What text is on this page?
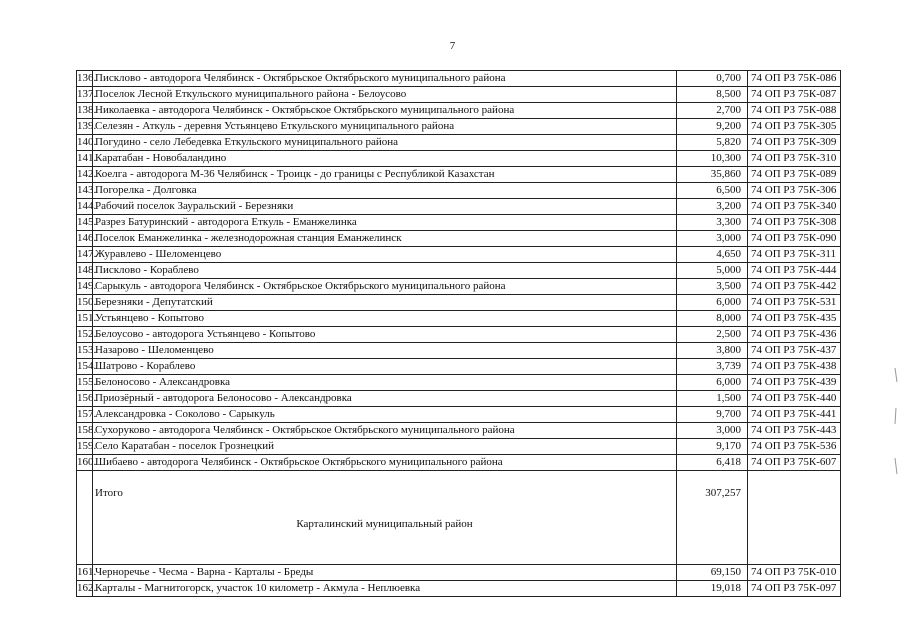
7
136.	Пискловo - автодорога Челябинск - Октябрьское Октябрьского муниципального района	0,700	74 ОП РЗ 75К-086
137.	Поселок Лесной Еткульского муниципального района - Белоусово	8,500	74 ОП РЗ 75К-087
138.	Николаевка - автодорога Челябинск - Октябрьское Октябрьского муниципального района	2,700	74 ОП РЗ 75К-088
139.	Селезян - Аткуль - деревня Устьянцево Еткульского муниципального района	9,200	74 ОП РЗ 75К-305
140.	Погудино - село Лебедевка Еткульского муниципального района	5,820	74 ОП РЗ 75К-309
141.	Каратабан - Новобаландино	10,300	74 ОП РЗ 75К-310
142.	Коелга - автодорога М-36 Челябинск - Троицк - до границы с Республикой Казахстан	35,860	74 ОП РЗ 75К-089
143.	Погорелка - Долговка	6,500	74 ОП РЗ 75К-306
144.	Рабочий поселок Зауральский - Березняки	3,200	74 ОП РЗ 75К-340
145.	Разрез Батуринский - автодорога Еткуль - Еманжелинка	3,300	74 ОП РЗ 75К-308
146.	Поселок Еманжелинка - железнодорожная станция Еманжелинск	3,000	74 ОП РЗ 75К-090
147.	Журавлево - Шеломенцево	4,650	74 ОП РЗ 75К-311
148.	Пискловo - Кораблево	5,000	74 ОП РЗ 75К-444
149.	Сарыкуль - автодорога Челябинск - Октябрьское Октябрьского муниципального района	3,500	74 ОП РЗ 75К-442
150.	Березняки - Депутатский	6,000	74 ОП РЗ 75К-531
151.	Устьянцево - Копытово	8,000	74 ОП РЗ 75К-435
152.	Белоусово - автодорога Устьянцево - Копытово	2,500	74 ОП РЗ 75К-436
153.	Назарово - Шеломенцево	3,800	74 ОП РЗ 75К-437
154.	Шатрово - Кораблево	3,739	74 ОП РЗ 75К-438
155.	Белоносово - Александровка	6,000	74 ОП РЗ 75К-439
156.	Приозёрный - автодорога Белоносово - Александровка	1,500	74 ОП РЗ 75К-440
157.	Александровка - Соколово - Сарыкуль	9,700	74 ОП РЗ 75К-441
158.	Сухоруково - автодорога Челябинск - Октябрьское Октябрьского муниципального района	3,000	74 ОП РЗ 75К-443
159.	Село Каратабан - поселок Грознецкий	9,170	74 ОП РЗ 75К-536
160.	Шибаево - автодорога Челябинск - Октябрьское Октябрьского муниципального района	6,418	74 ОП РЗ 75К-607
	Итого	307,257	
	Карталинский муниципальный район		

161.	Черноречье - Чесма - Варна - Карталы - Бреды	69,150	74 ОП РЗ 75К-010
162.	Карталы - Магнитогорск, участок 10 километр - Акмула - Неплюевка	19,018	74 ОП РЗ 75К-097
